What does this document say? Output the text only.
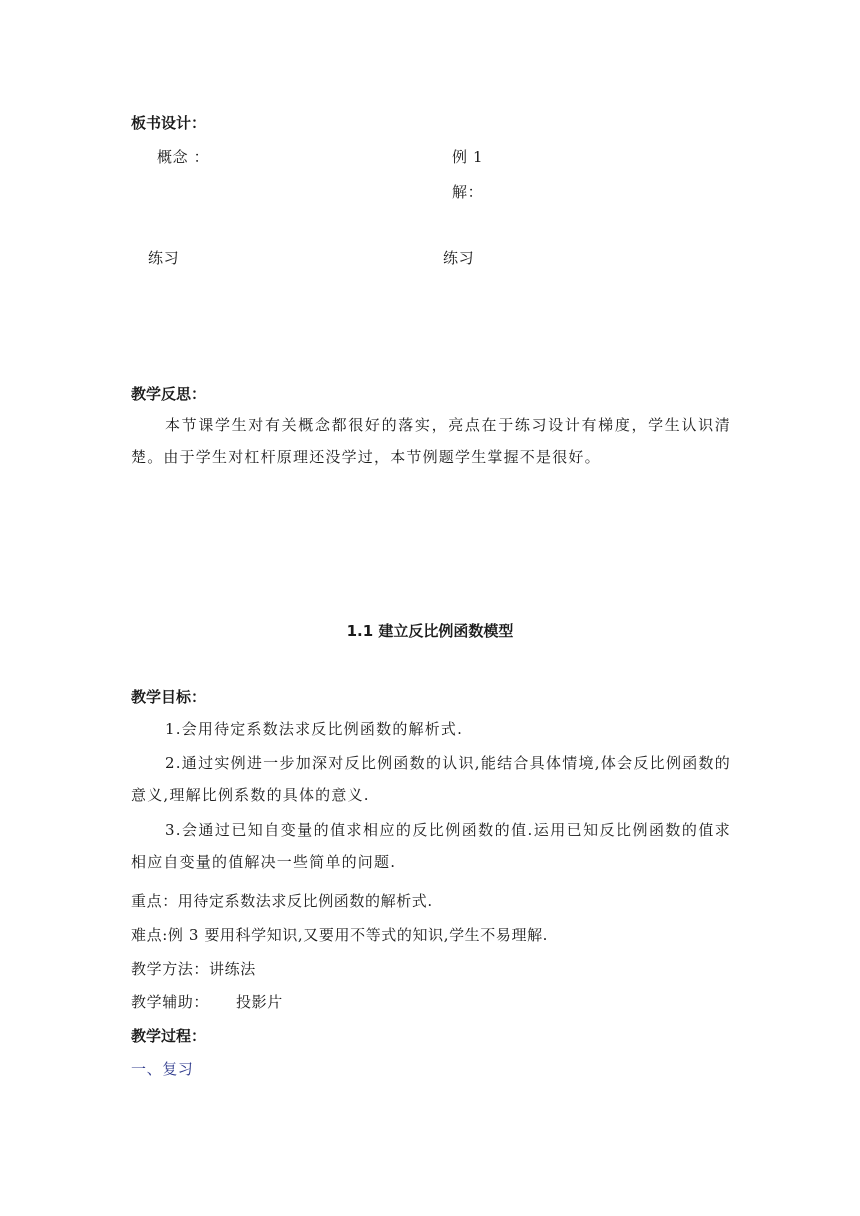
板书设计：
概念 ：	例 1
解：
练习	练习
教学反思：
本节课学生对有关概念都很好的落实，亮点在于练习设计有梯度，学生认识清楚。由于学生对杠杆原理还没学过，本节例题学生掌握不是很好。
1.1 建立反比例函数模型
教学目标：
1.会用待定系数法求反比例函数的解析式.
2.通过实例进一步加深对反比例函数的认识,能结合具体情境,体会反比例函数的意义,理解比例系数的具体的意义.
3.会通过已知自变量的值求相应的反比例函数的值.运用已知反比例函数的值求相应自变量的值解决一些简单的问题.
重点：用待定系数法求反比例函数的解析式.
难点:例 3 要用科学知识,又要用不等式的知识,学生不易理解.
教学方法：讲练法
教学辅助： 投影片
教学过程：
一、复习
